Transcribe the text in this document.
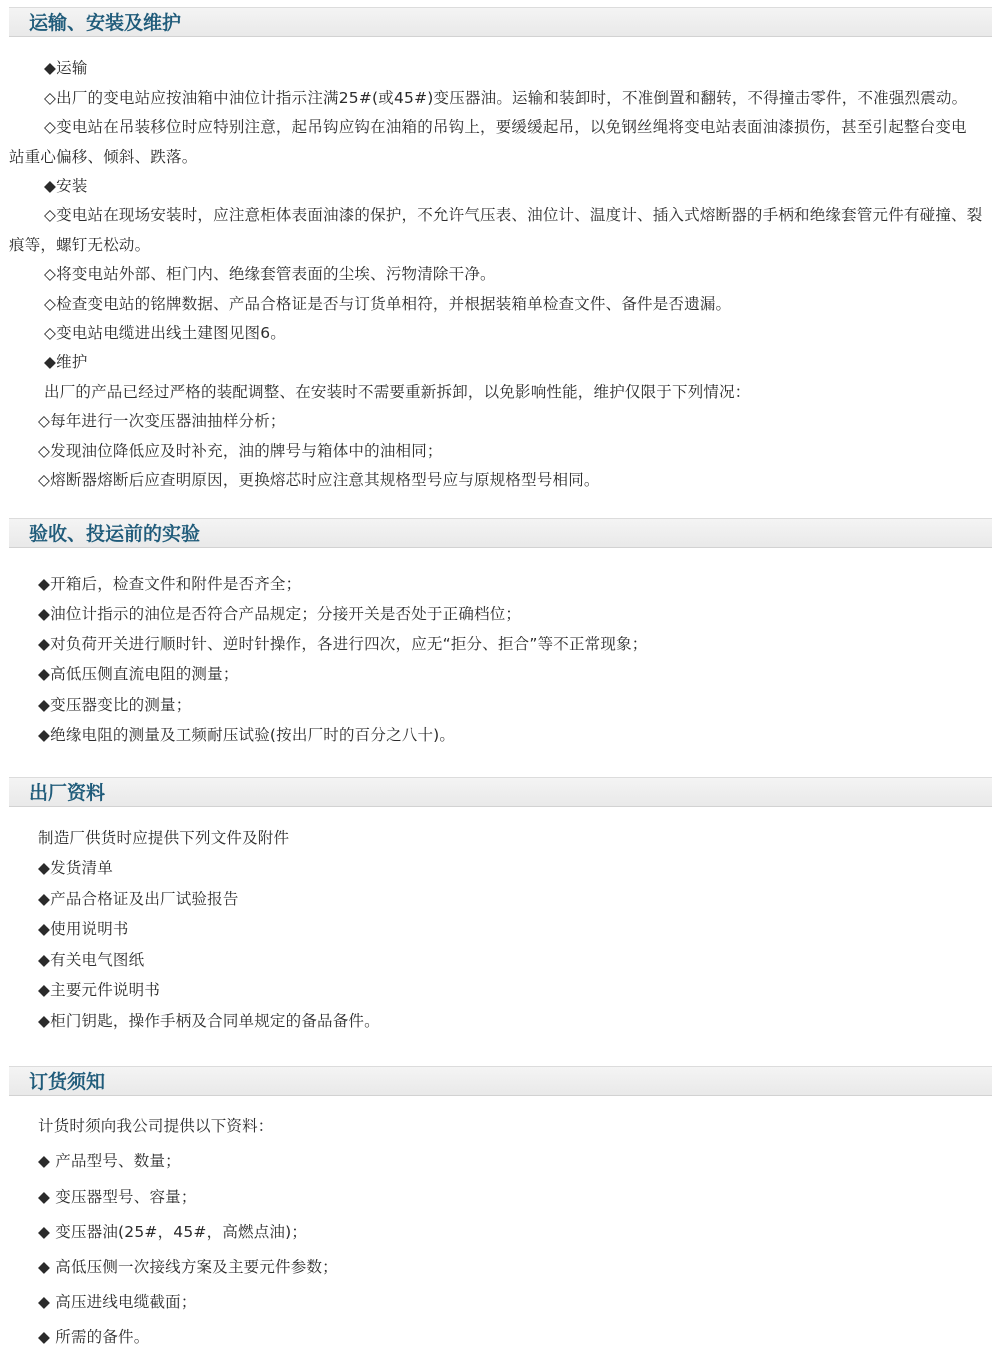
运输、安装及维护
◆运输
◇出厂的变电站应按油箱中油位计指示注满25#(或45#)变压器油。运输和装卸时，不准倒置和翻转，不得撞击零件，不准强烈震动。
◇变电站在吊装移位时应特别注意，起吊钩应钩在油箱的吊钩上，要缓缓起吊，以免钢丝绳将变电站表面油漆损伤，甚至引起整台变电
站重心偏移、倾斜、跌落。
◆安装
◇变电站在现场安装时，应注意柜体表面油漆的保护，不允许气压表、油位计、温度计、插入式熔断器的手柄和绝缘套管元件有碰撞、裂
痕等，螺钉无松动。
◇将变电站外部、柜门内、绝缘套管表面的尘埃、污物清除干净。
◇检查变电站的铭牌数据、产品合格证是否与订货单相符，并根据装箱单检查文件、备件是否遗漏。
◇变电站电缆进出线土建图见图6。
◆维护
出厂的产品已经过严格的装配调整、在安装时不需要重新拆卸，以免影响性能，维护仅限于下列情况：
◇每年进行一次变压器油抽样分析；
◇发现油位降低应及时补充，油的牌号与箱体中的油相同；
◇熔断器熔断后应查明原因，更换熔芯时应注意其规格型号应与原规格型号相同。
验收、投运前的实验
◆开箱后，检查文件和附件是否齐全；
◆油位计指示的油位是否符合产品规定；分接开关是否处于正确档位；
◆对负荷开关进行顺时针、逆时针操作，各进行四次，应无“拒分、拒合”等不正常现象；
◆高低压侧直流电阻的测量；
◆变压器变比的测量；
◆绝缘电阻的测量及工频耐压试验(按出厂时的百分之八十)。
出厂资料
制造厂供货时应提供下列文件及附件
◆发货清单
◆产品合格证及出厂试验报告
◆使用说明书
◆有关电气图纸
◆主要元件说明书
◆柜门钥匙，操作手柄及合同单规定的备品备件。
订货须知
计货时须向我公司提供以下资料：
◆ 产品型号、数量；
◆ 变压器型号、容量；
◆ 变压器油(25#，45#，高燃点油)；
◆ 高低压侧一次接线方案及主要元件参数；
◆ 高压进线电缆截面；
◆ 所需的备件。
